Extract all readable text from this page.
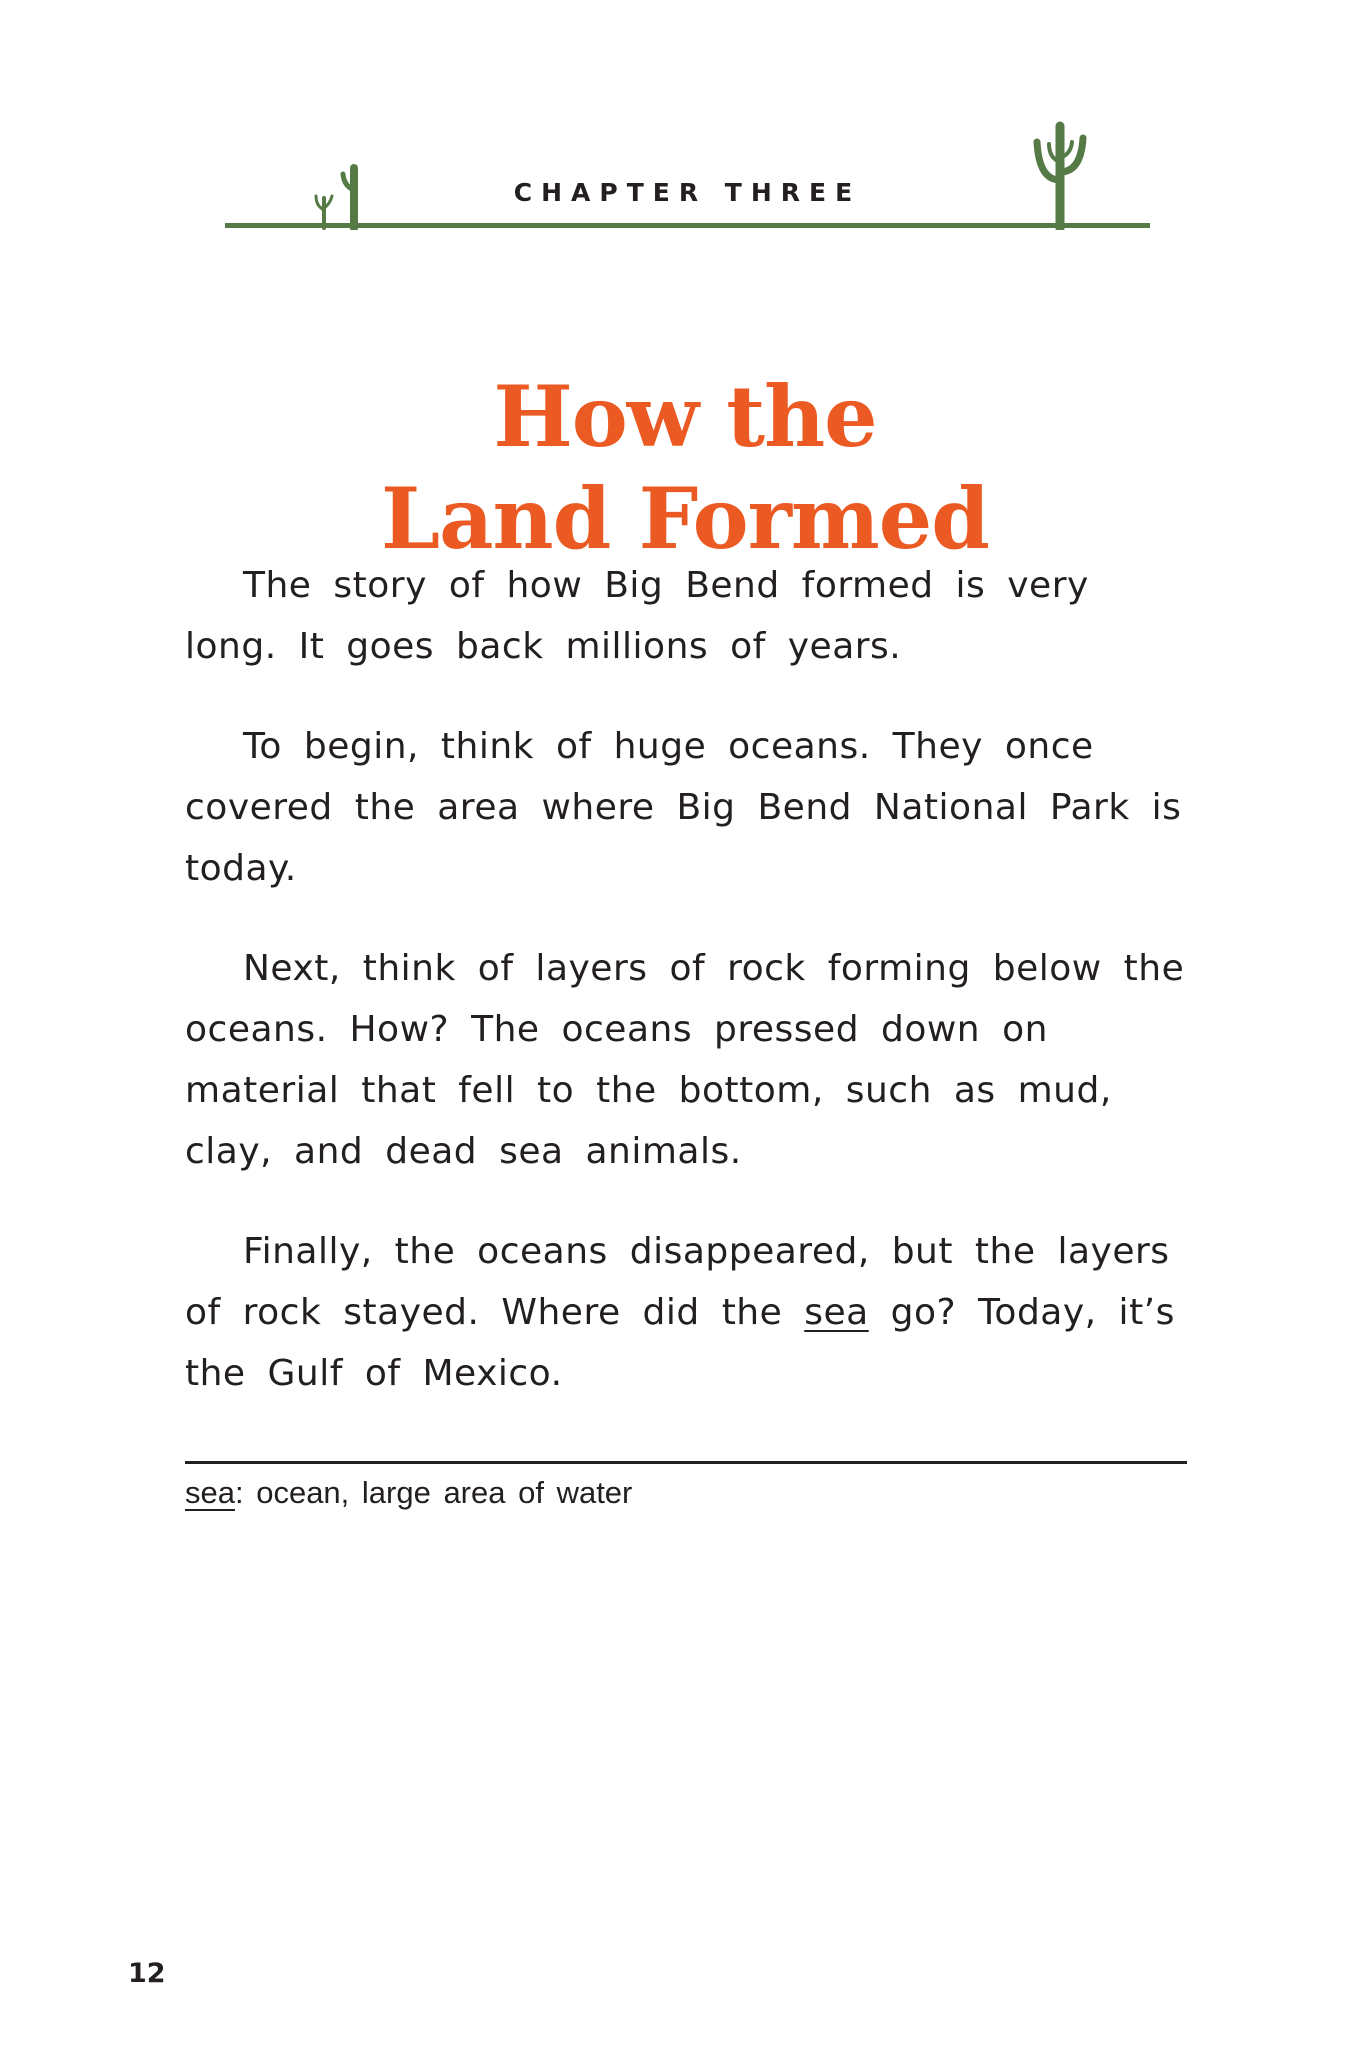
CHAPTER THREE
How the
Land Formed

The story of how Big Bend formed is very long. It goes back millions of years.

To begin, think of huge oceans. They once covered the area where Big Bend National Park is today.

Next, think of layers of rock forming below the oceans. How? The oceans pressed down on material that fell to the bottom, such as mud, clay, and dead sea animals.

Finally, the oceans disappeared, but the layers of rock stayed. Where did the sea go? Today, it’s the Gulf of Mexico.

sea: ocean, large area of water
12
